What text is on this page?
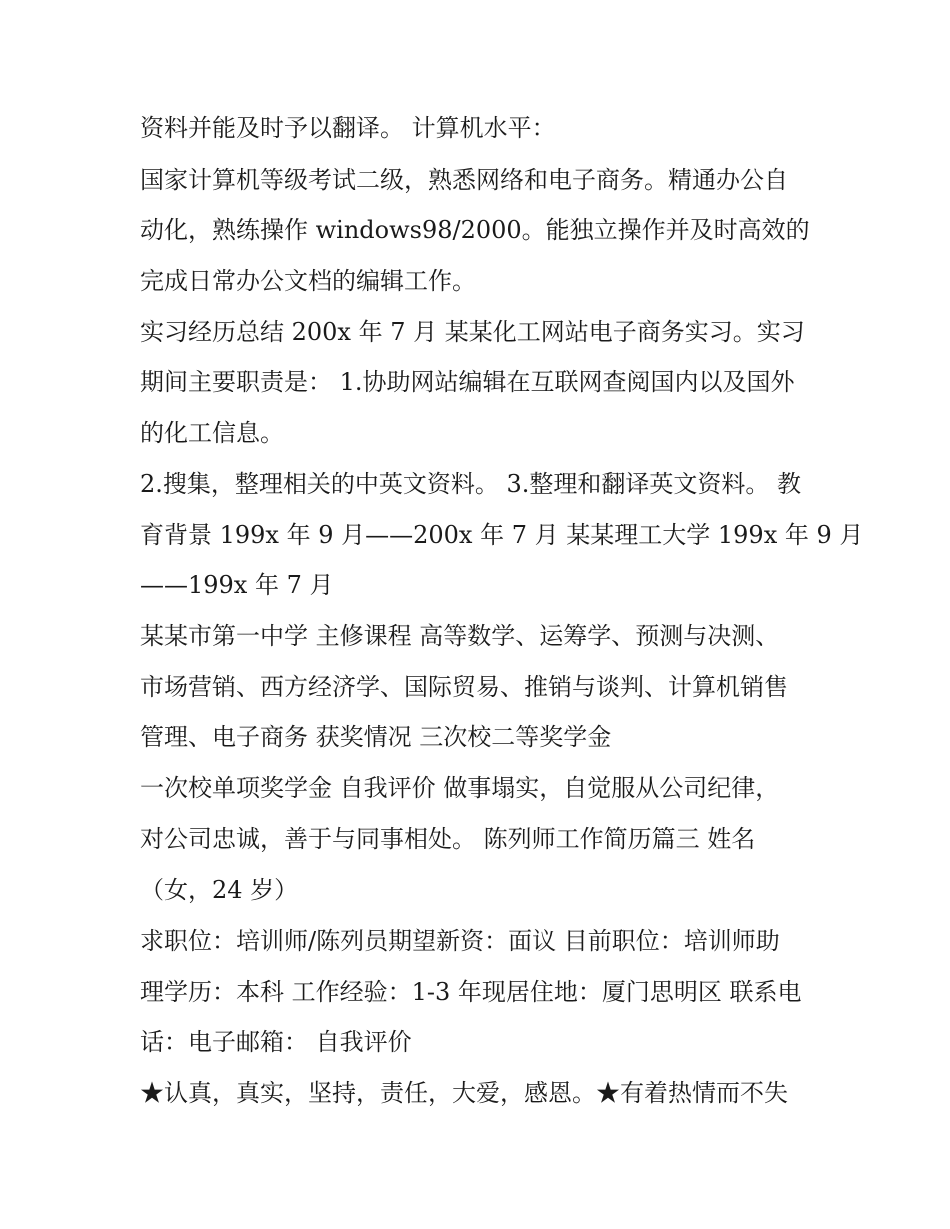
资料并能及时予以翻译。 计算机水平：
国家计算机等级考试二级，熟悉网络和电子商务。精通办公自
动化，熟练操作 windows98/2000。能独立操作并及时高效的
完成日常办公文档的编辑工作。
实习经历总结 200x 年 7 月 某某化工网站电子商务实习。实习
期间主要职责是： 1.协助网站编辑在互联网查阅国内以及国外
的化工信息。
2.搜集，整理相关的中英文资料。 3.整理和翻译英文资料。 教
育背景 199x 年 9 月——200x 年 7 月 某某理工大学 199x 年 9 月
——199x 年 7 月
某某市第一中学 主修课程 高等数学、运筹学、预测与决测、
市场营销、西方经济学、国际贸易、推销与谈判、计算机销售
管理、电子商务 获奖情况 三次校二等奖学金
一次校单项奖学金 自我评价 做事塌实，自觉服从公司纪律，
对公司忠诚，善于与同事相处。 陈列师工作简历篇三 姓名
（女，24 岁）
求职位：培训师/陈列员期望新资：面议 目前职位：培训师助
理学历：本科 工作经验：1-3 年现居住地：厦门思明区 联系电
话：电子邮箱： 自我评价
★认真，真实，坚持，责任，大爱，感恩。★有着热情而不失
